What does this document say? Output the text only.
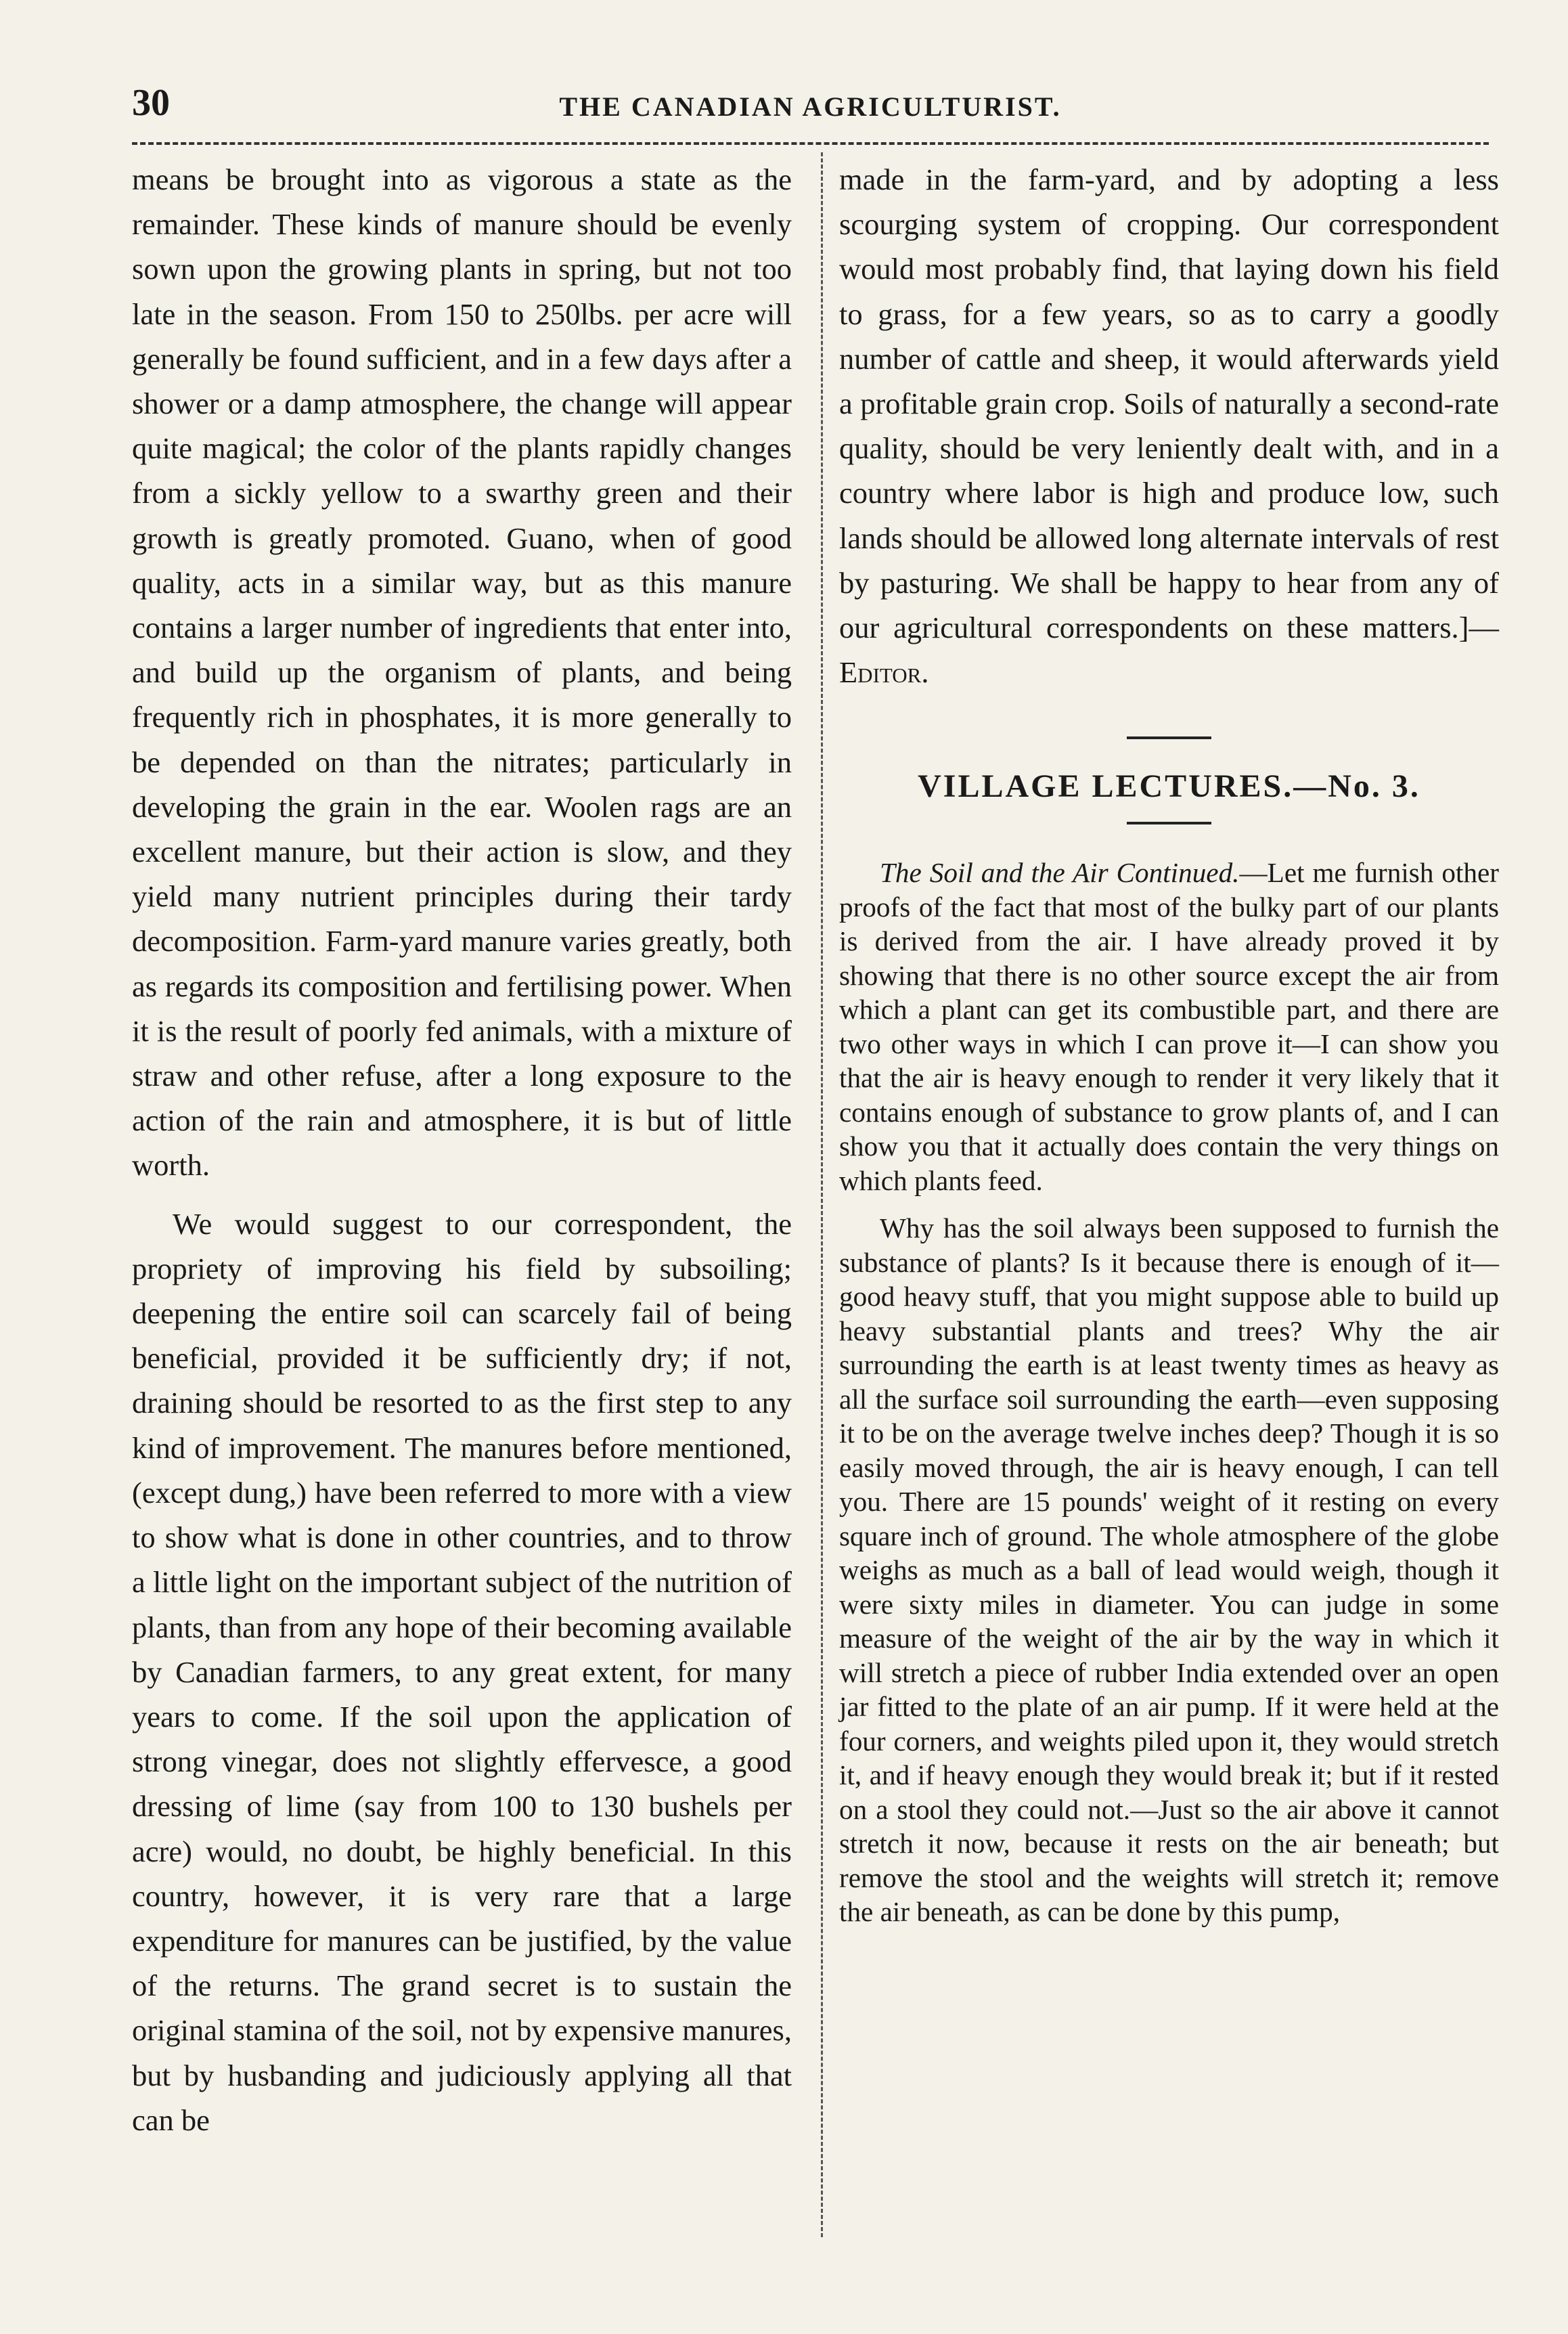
30	THE CANADIAN AGRICULTURIST.

means be brought into as vigorous a state as the remainder. These kinds of manure should be evenly sown upon the growing plants in spring, but not too late in the season. From 150 to 250lbs. per acre will generally be found sufficient, and in a few days after a shower or a damp atmosphere, the change will appear quite magical; the color of the plants rapidly changes from a sickly yellow to a swarthy green and their growth is greatly promoted. Guano, when of good quality, acts in a similar way, but as this manure contains a larger number of ingredients that enter into, and build up the organism of plants, and being frequently rich in phosphates, it is more generally to be depended on than the nitrates; particularly in developing the grain in the ear. Woolen rags are an excellent manure, but their action is slow, and they yield many nutrient principles during their tardy decomposition. Farm-yard manure varies greatly, both as regards its composition and fertilising power. When it is the result of poorly fed animals, with a mixture of straw and other refuse, after a long exposure to the action of the rain and atmosphere, it is but of little worth.

We would suggest to our correspondent, the propriety of improving his field by subsoiling; deepening the entire soil can scarcely fail of being beneficial, provided it be sufficiently dry; if not, draining should be resorted to as the first step to any kind of improvement. The manures before mentioned, (except dung,) have been referred to more with a view to show what is done in other countries, and to throw a little light on the important subject of the nutrition of plants, than from any hope of their becoming available by Canadian farmers, to any great extent, for many years to come. If the soil upon the application of strong vinegar, does not slightly effervesce, a good dressing of lime (say from 100 to 130 bushels per acre) would, no doubt, be highly beneficial. In this country, however, it is very rare that a large expenditure for manures can be justified, by the value of the returns. The grand secret is to sustain the original stamina of the soil, not by expensive manures, but by husbanding and judiciously applying all that can be

made in the farm-yard, and by adopting a less scourging system of cropping. Our correspondent would most probably find, that laying down his field to grass, for a few years, so as to carry a goodly number of cattle and sheep, it would afterwards yield a profitable grain crop. Soils of naturally a second-rate quality, should be very leniently dealt with, and in a country where labor is high and produce low, such lands should be allowed long alternate intervals of rest by pasturing. We shall be happy to hear from any of our agricultural correspondents on these matters.]—Editor.

VILLAGE LECTURES.—No. 3.

The Soil and the Air Continued.—Let me furnish other proofs of the fact that most of the bulky part of our plants is derived from the air. I have already proved it by showing that there is no other source except the air from which a plant can get its combustible part, and there are two other ways in which I can prove it—I can show you that the air is heavy enough to render it very likely that it contains enough of substance to grow plants of, and I can show you that it actually does contain the very things on which plants feed.

Why has the soil always been supposed to furnish the substance of plants? Is it because there is enough of it—good heavy stuff, that you might suppose able to build up heavy substantial plants and trees? Why the air surrounding the earth is at least twenty times as heavy as all the surface soil surrounding the earth—even supposing it to be on the average twelve inches deep? Though it is so easily moved through, the air is heavy enough, I can tell you. There are 15 pounds' weight of it resting on every square inch of ground. The whole atmosphere of the globe weighs as much as a ball of lead would weigh, though it were sixty miles in diameter. You can judge in some measure of the weight of the air by the way in which it will stretch a piece of rubber India extended over an open jar fitted to the plate of an air pump. If it were held at the four corners, and weights piled upon it, they would stretch it, and if heavy enough they would break it; but if it rested on a stool they could not.—Just so the air above it cannot stretch it now, because it rests on the air beneath; but remove the stool and the weights will stretch it; remove the air beneath, as can be done by this pump,
